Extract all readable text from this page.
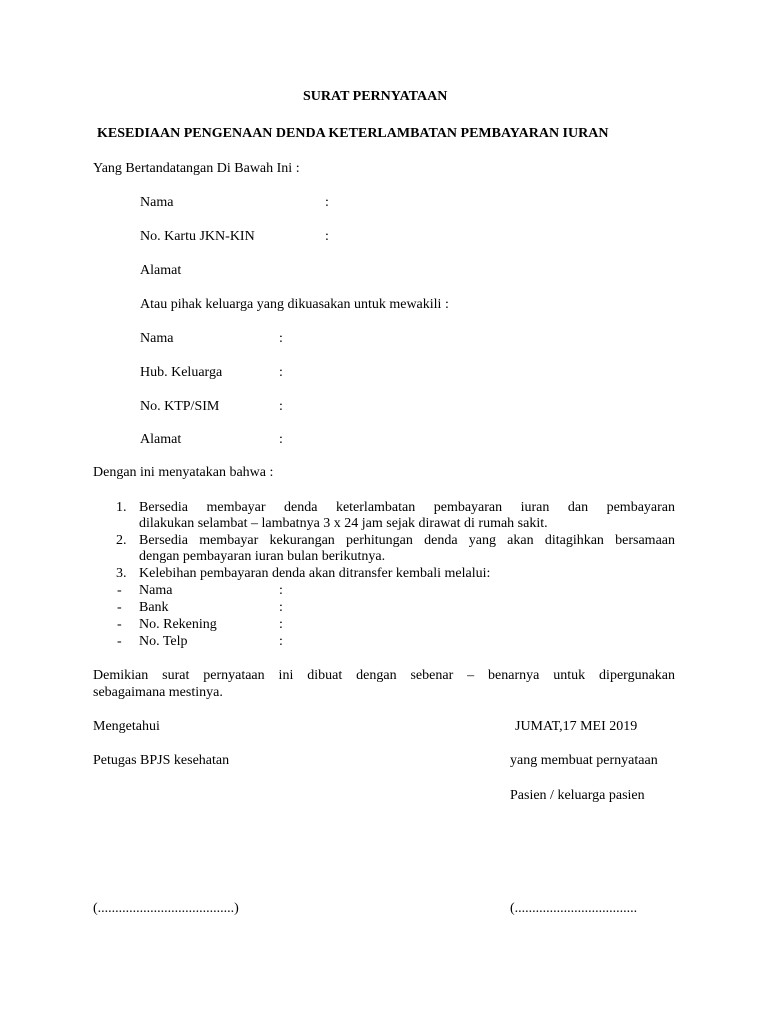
SURAT PERNYATAAN
KESEDIAAN PENGENAAN DENDA KETERLAMBATAN PEMBAYARAN IURAN
Yang Bertandatangan Di Bawah Ini :
Nama	:
No. Kartu JKN-KIN	:
Alamat
Atau pihak keluarga yang dikuasakan untuk mewakili :
Nama	:
Hub. Keluarga	:
No. KTP/SIM	:
Alamat	:
Dengan ini menyatakan bahwa :
1. Bersedia membayar denda keterlambatan pembayaran iuran dan pembayaran
dilakukan selambat – lambatnya 3 x 24 jam sejak dirawat di rumah sakit.
2. Bersedia membayar kekurangan perhitungan denda yang akan ditagihkan bersamaan
dengan pembayaran iuran bulan berikutnya.
3. Kelebihan pembayaran denda akan ditransfer kembali melalui:
- Nama	:
- Bank	:
- No. Rekening	:
- No. Telp	:
Demikian surat pernyataan ini dibuat dengan sebenar – benarnya untuk dipergunakan
sebagaimana mestinya.
Mengetahui	JUMAT,17 MEI 2019
Petugas BPJS kesehatan	yang membuat pernyataan
Pasien / keluarga pasien
(.......................................)	(...................................
